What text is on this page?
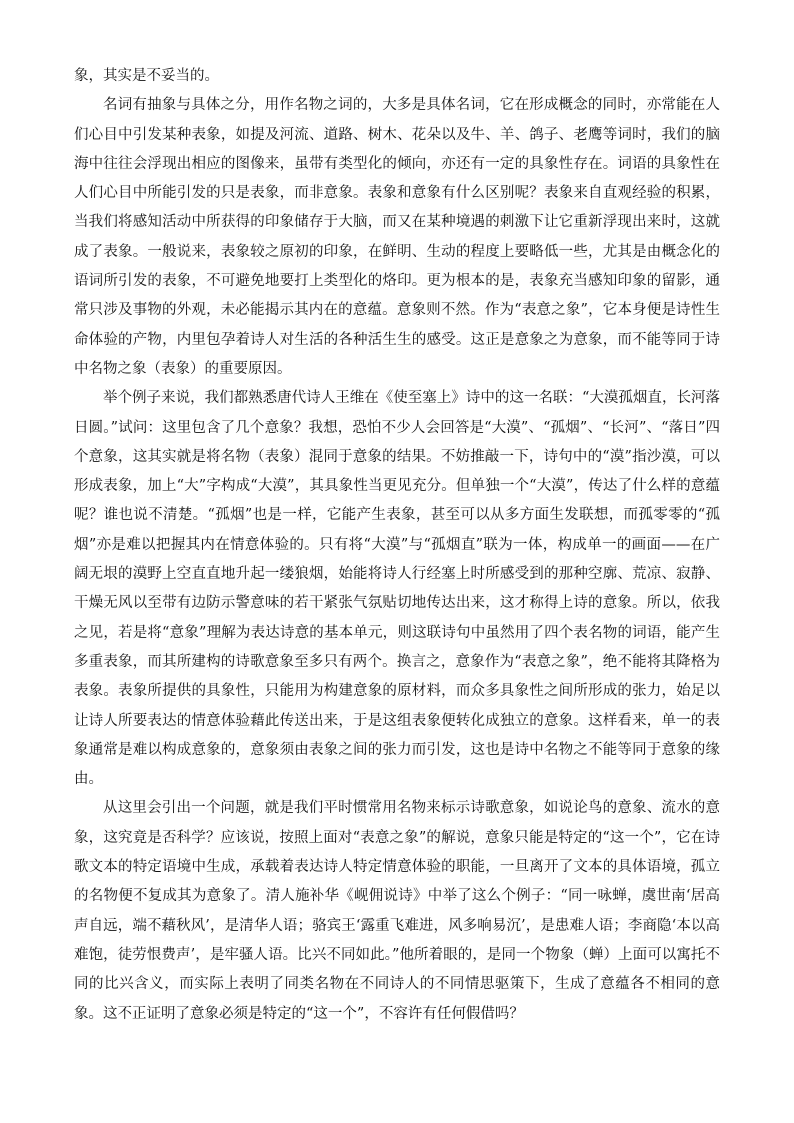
象，其实是不妥当的。

名词有抽象与具体之分，用作名物之词的，大多是具体名词，它在形成概念的同时，亦常能在人们心目中引发某种表象，如提及河流、道路、树木、花朵以及牛、羊、鸽子、老鹰等词时，我们的脑海中往往会浮现出相应的图像来，虽带有类型化的倾向，亦还有一定的具象性存在。词语的具象性在人们心目中所能引发的只是表象，而非意象。表象和意象有什么区别呢？表象来自直观经验的积累，当我们将感知活动中所获得的印象储存于大脑，而又在某种境遇的刺激下让它重新浮现出来时，这就成了表象。一般说来，表象较之原初的印象，在鲜明、生动的程度上要略低一些，尤其是由概念化的语词所引发的表象，不可避免地要打上类型化的烙印。更为根本的是，表象充当感知印象的留影，通常只涉及事物的外观，未必能揭示其内在的意蕴。意象则不然。作为“表意之象”，它本身便是诗性生命体验的产物，内里包孕着诗人对生活的各种活生生的感受。这正是意象之为意象，而不能等同于诗中名物之象（表象）的重要原因。

举个例子来说，我们都熟悉唐代诗人王维在《使至塞上》诗中的这一名联：“大漠孤烟直，长河落日圆。”试问：这里包含了几个意象？我想，恐怕不少人会回答是“大漠”、“孤烟”、“长河”、“落日”四个意象，这其实就是将名物（表象）混同于意象的结果。不妨推敲一下，诗句中的“漠”指沙漠，可以形成表象，加上“大”字构成“大漠”，其具象性当更见充分。但单独一个“大漠”，传达了什么样的意蕴呢？谁也说不清楚。“孤烟”也是一样，它能产生表象，甚至可以从多方面生发联想，而孤零零的“孤烟”亦是难以把握其内在情意体验的。只有将“大漠”与“孤烟直”联为一体，构成单一的画面——在广阔无垠的漠野上空直直地升起一缕狼烟，始能将诗人行经塞上时所感受到的那种空廓、荒凉、寂静、干燥无风以至带有边防示警意味的若干紧张气氛贴切地传达出来，这才称得上诗的意象。所以，依我之见，若是将“意象”理解为表达诗意的基本单元，则这联诗句中虽然用了四个表名物的词语，能产生多重表象，而其所建构的诗歌意象至多只有两个。换言之，意象作为“表意之象”，绝不能将其降格为表象。表象所提供的具象性，只能用为构建意象的原材料，而众多具象性之间所形成的张力，始足以让诗人所要表达的情意体验藉此传送出来，于是这组表象便转化成独立的意象。这样看来，单一的表象通常是难以构成意象的，意象须由表象之间的张力而引发，这也是诗中名物之不能等同于意象的缘由。

从这里会引出一个问题，就是我们平时惯常用名物来标示诗歌意象，如说论鸟的意象、流水的意象，这究竟是否科学？应该说，按照上面对“表意之象”的解说，意象只能是特定的“这一个”，它在诗歌文本的特定语境中生成，承载着表达诗人特定情意体验的职能，一旦离开了文本的具体语境，孤立的名物便不复成其为意象了。清人施补华《岘佣说诗》中举了这么个例子：“同一咏蝉，虞世南‘居高声自远，端不藉秋风’，是清华人语；骆宾王‘露重飞难进，风多响易沉’，是患难人语；李商隐‘本以高难饱，徒劳恨费声’，是牢骚人语。比兴不同如此。”他所着眼的，是同一个物象（蝉）上面可以寓托不同的比兴含义，而实际上表明了同类名物在不同诗人的不同情思驱策下，生成了意蕴各不相同的意象。这不正证明了意象必须是特定的“这一个”，不容许有任何假借吗？
